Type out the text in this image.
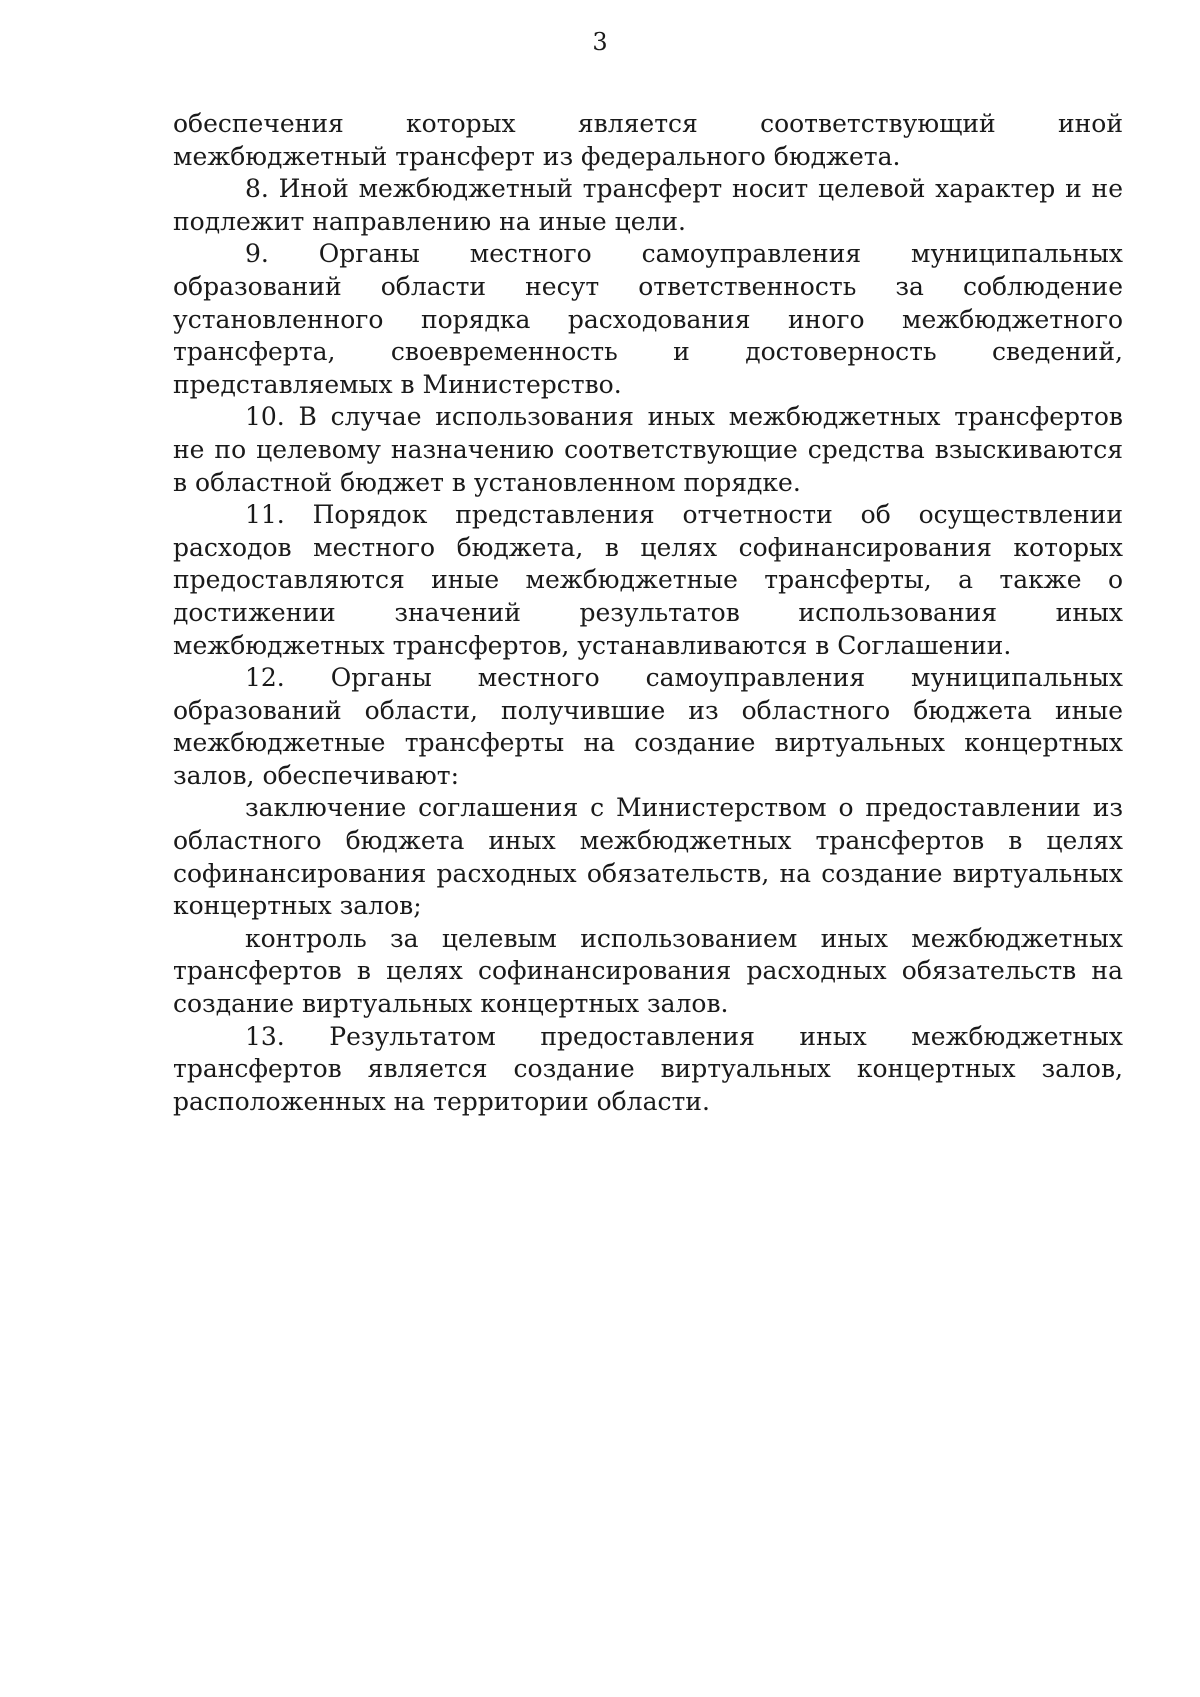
3

обеспечения которых является соответствующий иной межбюджетный трансферт из федерального бюджета.

8. Иной межбюджетный трансферт носит целевой характер и не подлежит направлению на иные цели.

9. Органы местного самоуправления муниципальных образований области несут ответственность за соблюдение установленного порядка расходования иного межбюджетного трансферта, своевременность и достоверность сведений, представляемых в Министерство.

10. В случае использования иных межбюджетных трансфертов не по целевому назначению соответствующие средства взыскиваются в областной бюджет в установленном порядке.

11. Порядок представления отчетности об осуществлении расходов местного бюджета, в целях софинансирования которых предоставляются иные межбюджетные трансферты, а также о достижении значений результатов использования иных межбюджетных трансфертов, устанавливаются в Соглашении.

12. Органы местного самоуправления муниципальных образований области, получившие из областного бюджета иные межбюджетные трансферты на создание виртуальных концертных залов, обеспечивают:

заключение соглашения с Министерством о предоставлении из областного бюджета иных межбюджетных трансфертов в целях софинансирования расходных обязательств, на создание виртуальных концертных залов;

контроль за целевым использованием иных межбюджетных трансфертов в целях софинансирования расходных обязательств на создание виртуальных концертных залов.

13. Результатом предоставления иных межбюджетных трансфертов является создание виртуальных концертных залов, расположенных на территории области.
